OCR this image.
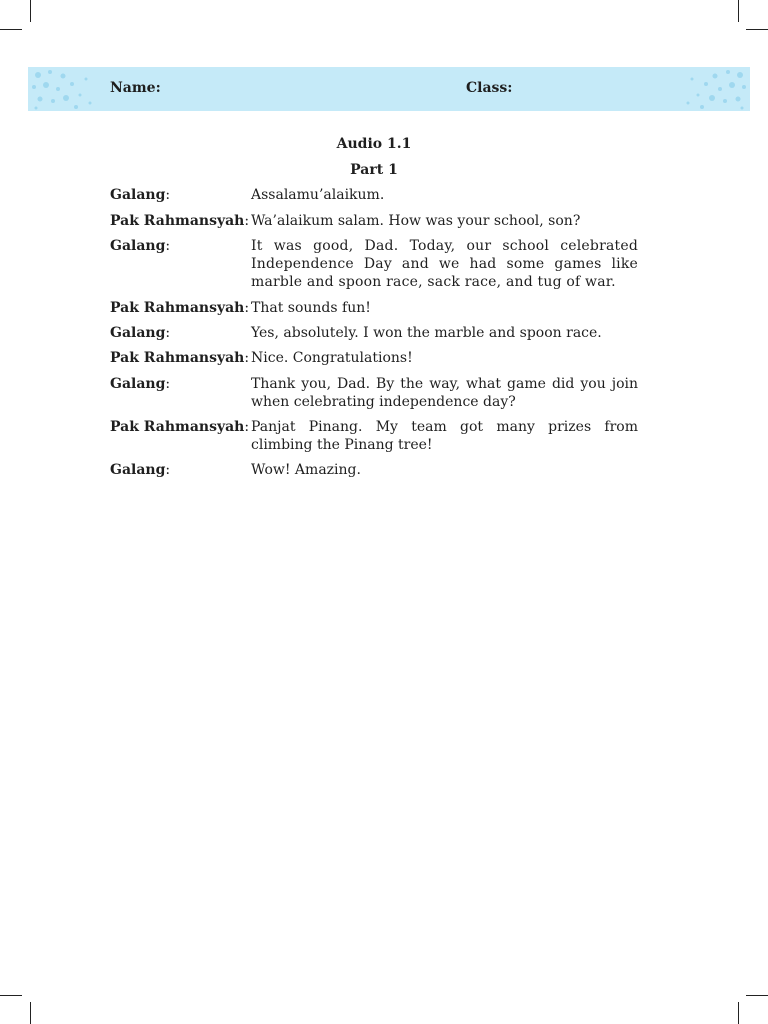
Name:	Class:
Audio 1.1
Part 1
Galang:	Assalamu’alaikum.
Pak Rahmansyah: Wa’alaikum salam. How was your school, son?
Galang:	It was good, Dad. Today, our school celebrated Independence Day and we had some games like marble and spoon race, sack race, and tug of war.
Pak Rahmansyah: That sounds fun!
Galang:	Yes, absolutely. I won the marble and spoon race.
Pak Rahmansyah: Nice. Congratulations!
Galang:	Thank you, Dad. By the way, what game did you join when celebrating independence day?
Pak Rahmansyah: Panjat Pinang. My team got many prizes from climbing the Pinang tree!
Galang:	Wow! Amazing.
